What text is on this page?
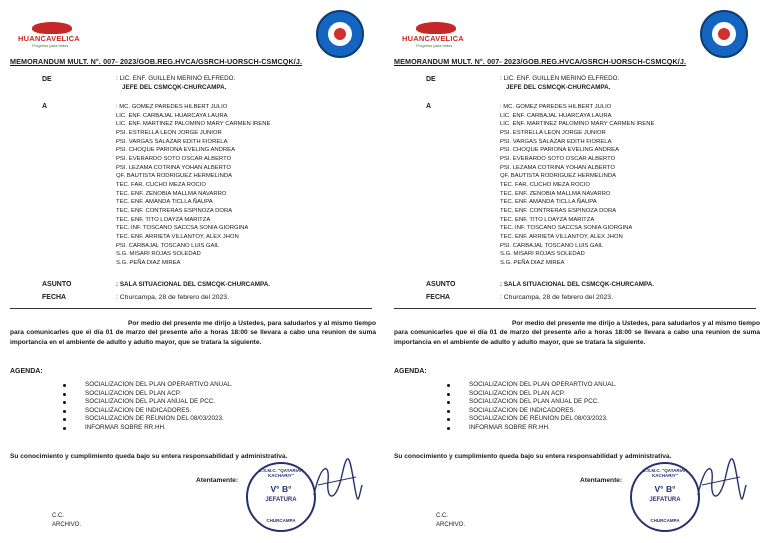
HUANCAVELICA
Progreso para todos
MEMORANDUM MULT. N°. 007- 2023/GOB.REG.HVCA/GSRCH-UORSCH-CSMCQK/J.
DE	: LIC. ENF. GUILLEN MERINO ELFREDO.
JEFE DEL CSMCQK-CHURCAMPA.
A	: MC. GOMEZ PAREDES HILBERT JULIO
LIC. ENF. CARBAJAL HUARCAYA LAURA
LIC. ENF. MARTINEZ PALOMINO MARY CARMEN IRENE
PSI. ESTRELLA LEON JORGE JUNIOR
PSI. VARGAS SALAZAR EDITH FIORELA
PSI. CHOQUE PARIONA EVELING ANDREA
PSI. EVERARDO SOTO OSCAR ALBERTO
PSI. LEZAMA COTRINA YOHAN ALBERTO
QF. BAUTISTA RODRIGUEZ HERMELINDA
TEC. FAR. CUCHO MEZA ROCIO
TEC. ENF. ZENOBIA MALLMA NAVARRO
TEC. ENF. AMANDA TICLLA ÑAUPA
TEC. ENF. CONTRERAS ESPINOZA DORA
TEC. ENF. TITO LOAYZA MARITZA
TEC. INF. TOSCANO SACCSA SONIA GIORGINA
TEC. ENF. ARRIETA VILLANTOY, ALEX JHON
PSI. CARBAJAL TOSCANO LUIS GAIL
S.G. MISARI ROJAS SOLEDAD
S.G. PEÑA DIAZ MIREA
ASUNTO	: SALA SITUACIONAL DEL CSMCQK-CHURCAMPA.
FECHA	: Churcampa, 28 de febrero del 2023.
Por medio del presente me dirijo a Ustedes, para saludarlos y al mismo tiempo para comunicarles que el día 01 de marzo del presente año a horas 18:00 se llevara a cabo una reunion de suma importancia en el ambiente de adulto y adulto mayor, que se tratara la siguiente.
AGENDA:
SOCIALIZACION DEL PLAN OPERARTIVO ANUAL.
SOCIALIZACION DEL PLAN ACP.
SOCIALIZACION DEL PLAN ANUAL DE PCC.
SOCIALIZACION DE INDICADORES.
SOCIALIZACION DE REUNION DEL 08/03/2023.
INFORMAR SOBRE RR.HH.
Su conocimiento y cumplimiento queda bajo su entera responsabilidad y administrativa.
Atentamente:
C.S.M.C. "QATARIAN KACHARIY"
V° B°
JEFATURA
CHURCAMPA
C.C.
ARCHIVO.
HUANCAVELICA
Progreso para todos
MEMORANDUM MULT. N°. 007- 2023/GOB.REG.HVCA/GSRCH-UORSCH-CSMCQK/J.
DE	: LIC. ENF. GUILLEN MERINO ELFREDO.
JEFE DEL CSMCQK-CHURCAMPA.
A	: MC. GOMEZ PAREDES HILBERT JULIO
LIC. ENF. CARBAJAL HUARCAYA LAURA
LIC. ENF. MARTINEZ PALOMINO MARY CARMEN IRENE
PSI. ESTRELLA LEON JORGE JUNIOR
PSI. VARGAS SALAZAR EDITH FIORELA
PSI. CHOQUE PARIONA EVELING ANDREA
PSI. EVERARDO SOTO OSCAR ALBERTO
PSI. LEZAMA COTRINA YOHAN ALBERTO
QF. BAUTISTA RODRIGUEZ HERMELINDA
TEC. FAR. CUCHO MEZA ROCIO
TEC. ENF. ZENOBIA MALLMA NAVARRO
TEC. ENF. AMANDA TICLLA ÑAUPA
TEC. ENF. CONTRERAS ESPINOZA DORA
TEC. ENF. TITO LOAYZA MARITZA
TEC. INF. TOSCANO SACCSA SONIA GIORGINA
TEC. ENF. ARRIETA VILLANTOY, ALEX JHON
PSI. CARBAJAL TOSCANO LUIS GAIL
S.G. MISARI ROJAS SOLEDAD
S.G. PEÑA DIAZ MIREA
ASUNTO	: SALA SITUACIONAL DEL CSMCQK-CHURCAMPA.
FECHA	: Churcampa, 28 de febrero del 2023.
Por medio del presente me dirijo a Ustedes, para saludarlos y al mismo tiempo para comunicarles que el día 01 de marzo del presente año a horas 18:00 se llevara a cabo una reunion de suma importancia en el ambiente de adulto y adulto mayor, que se tratara la siguiente.
AGENDA:
SOCIALIZACION DEL PLAN OPERARTIVO ANUAL.
SOCIALIZACION DEL PLAN ACP.
SOCIALIZACION DEL PLAN ANUAL DE PCC.
SOCIALIZACION DE INDICADORES.
SOCIALIZACION DE REUNION DEL 08/03/2023.
INFORMAR SOBRE RR.HH.
Su conocimiento y cumplimiento queda bajo su entera responsabilidad y administrativa.
Atentamente:
C.S.M.C. "QATARIAN KACHARIY"
V° B°
JEFATURA
CHURCAMPA
C.C.
ARCHIVO.
